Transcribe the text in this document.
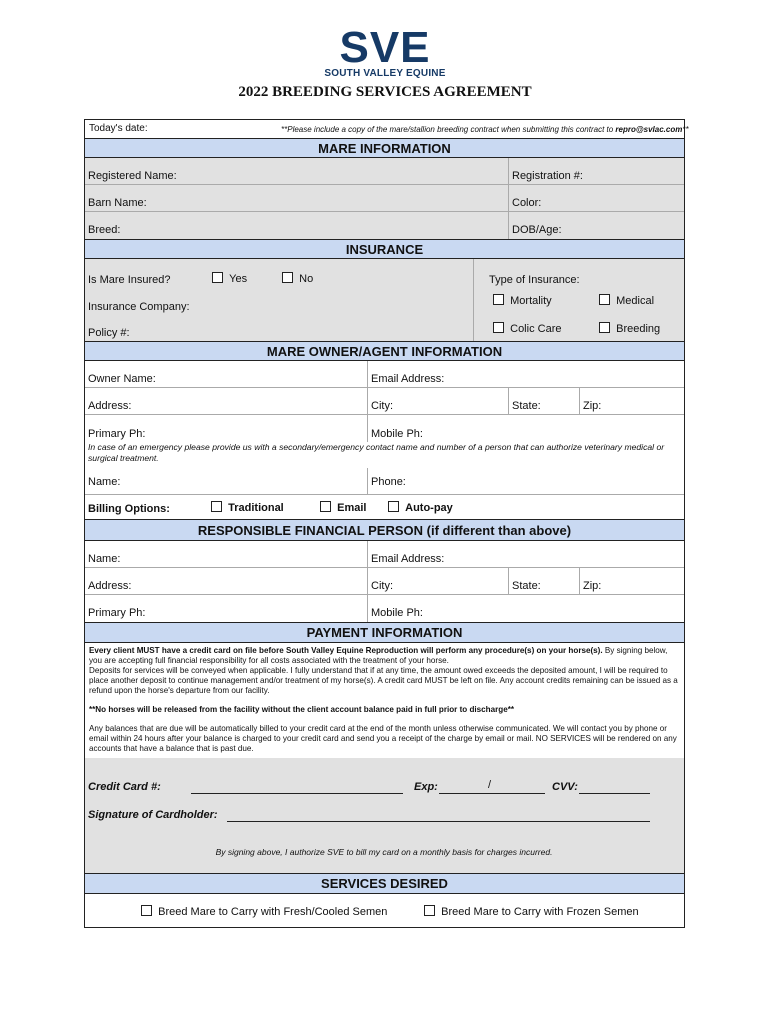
SVE
SOUTH VALLEY EQUINE
2022 BREEDING SERVICES AGREEMENT
Today's date:	**Please include a copy of the mare/stallion breeding contract when submitting this contract to repro@svlac.com**
MARE INFORMATION
Registered Name:	Registration #:
Barn Name:	Color:
Breed:	DOB/Age:
INSURANCE
Is Mare Insured?	Yes	No	Type of Insurance:
Mortality	Medical
Insurance Company:
Colic Care	Breeding
Policy #:
MARE OWNER/AGENT INFORMATION
Owner Name:	Email Address:
Address:	City:	State:	Zip:
Primary Ph:	Mobile Ph:
In case of an emergency please provide us with a secondary/emergency contact name and number of a person that can authorize veterinary medical or surgical treatment.
Name:	Phone:
Billing Options:	Traditional	Email	Auto-pay
RESPONSIBLE FINANCIAL PERSON (if different than above)
Name:	Email Address:
Address:	City:	State:	Zip:
Primary Ph:	Mobile Ph:
PAYMENT INFORMATION
Every client MUST have a credit card on file before South Valley Equine Reproduction will perform any procedure(s) on your horse(s). By signing below, you are accepting full financial responsibility for all costs associated with the treatment of your horse.
Deposits for services will be conveyed when applicable. I fully understand that if at any time, the amount owed exceeds the deposited amount, I will be required to place another deposit to continue management and/or treatment of my horse(s). A credit card MUST be left on file. Any account credits remaining can be issued as a refund upon the horse's departure from our facility.
**No horses will be released from the facility without the client account balance paid in full prior to discharge**
Any balances that are due will be automatically billed to your credit card at the end of the month unless otherwise communicated. We will contact you by phone or email within 24 hours after your balance is charged to your credit card and send you a receipt of the charge by email or mail. NO SERVICES will be rendered on any accounts that have a balance that is past due.
Credit Card #:	Exp:	/	CVV:
Signature of Cardholder:
By signing above, I authorize SVE to bill my card on a monthly basis for charges incurred.
SERVICES DESIRED
Breed Mare to Carry with Fresh/Cooled Semen	Breed Mare to Carry with Frozen Semen
